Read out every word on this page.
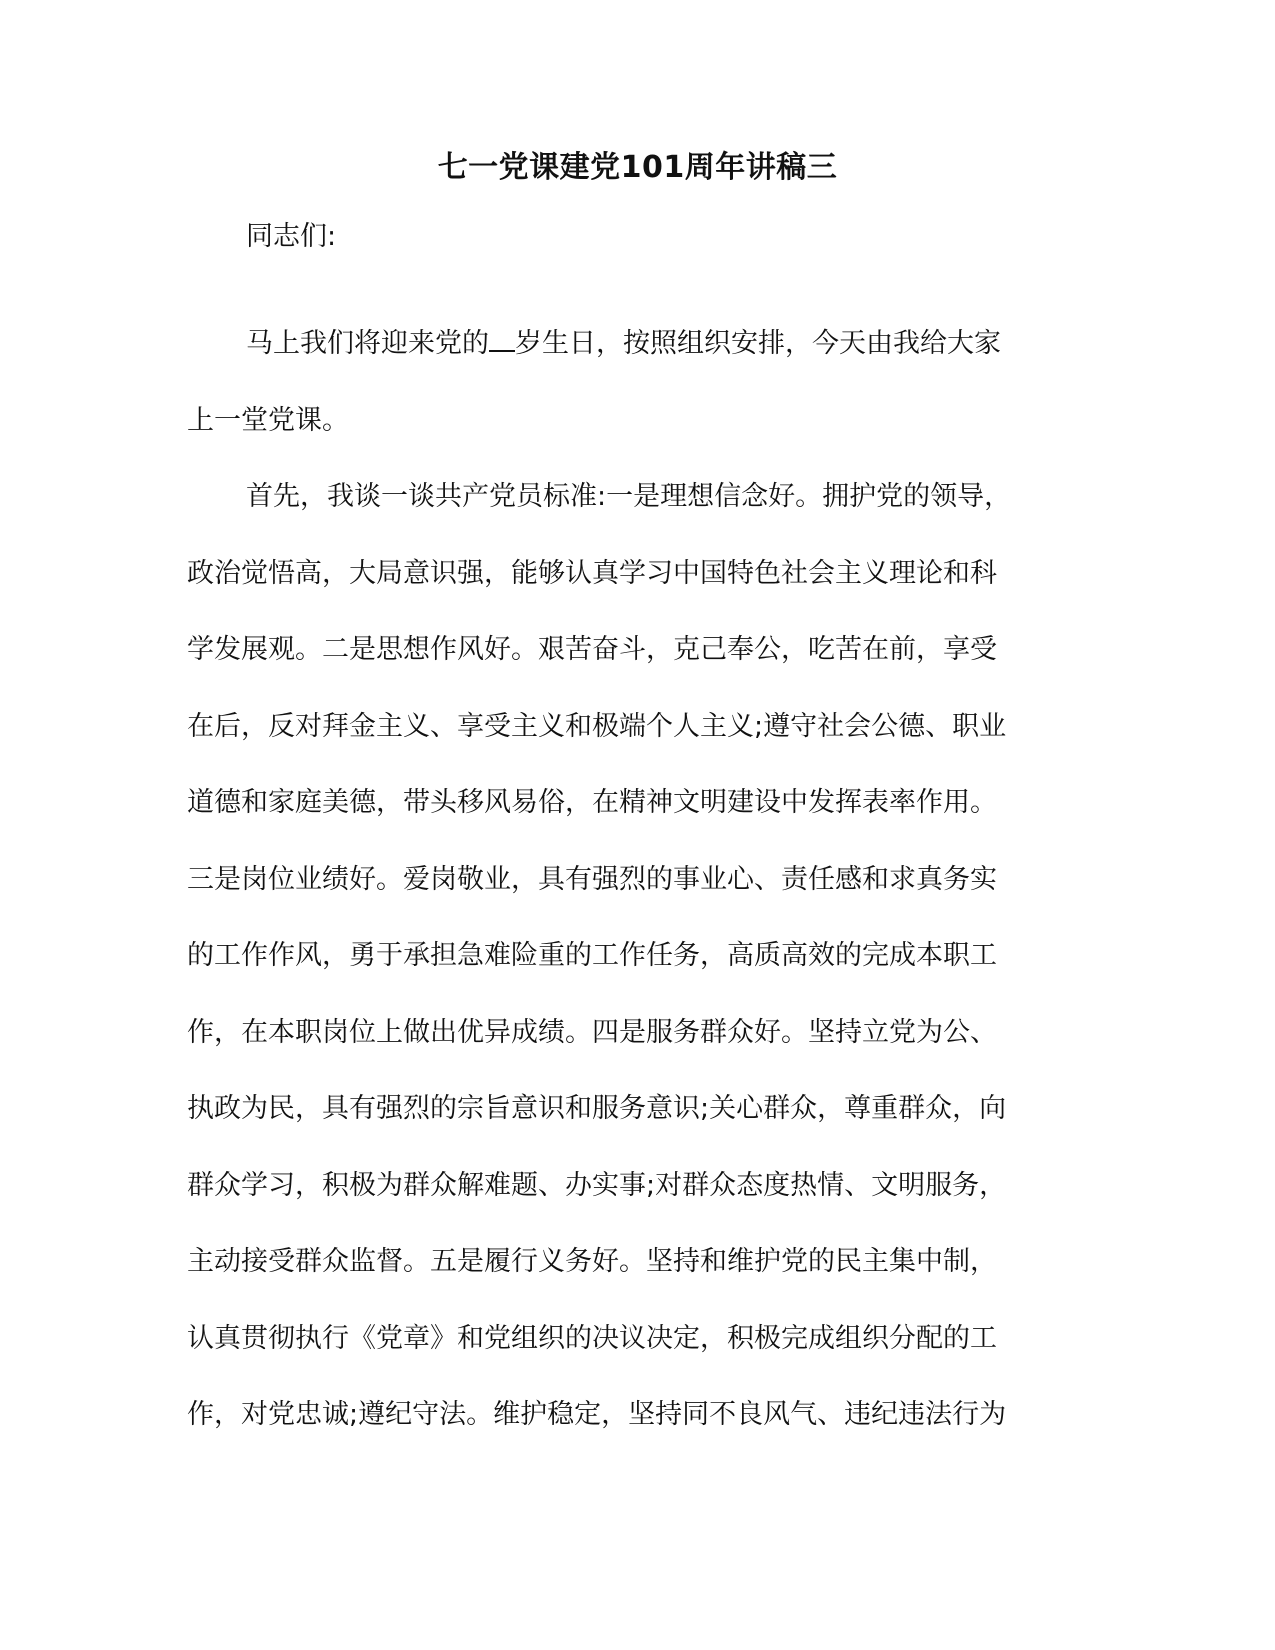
七一党课建党101周年讲稿三

同志们:

马上我们将迎来党的 岁生日，按照组织安排，今天由我给大家
上一堂党课。

首先，我谈一谈共产党员标准:一是理想信念好。拥护党的领导，
政治觉悟高，大局意识强，能够认真学习中国特色社会主义理论和科
学发展观。二是思想作风好。艰苦奋斗，克己奉公，吃苦在前，享受
在后，反对拜金主义、享受主义和极端个人主义;遵守社会公德、职业
道德和家庭美德，带头移风易俗，在精神文明建设中发挥表率作用。
三是岗位业绩好。爱岗敬业，具有强烈的事业心、责任感和求真务实
的工作作风，勇于承担急难险重的工作任务，高质高效的完成本职工
作，在本职岗位上做出优异成绩。四是服务群众好。坚持立党为公、
执政为民，具有强烈的宗旨意识和服务意识;关心群众，尊重群众，向
群众学习，积极为群众解难题、办实事;对群众态度热情、文明服务，
主动接受群众监督。五是履行义务好。坚持和维护党的民主集中制，
认真贯彻执行《党章》和党组织的决议决定，积极完成组织分配的工
作，对党忠诚;遵纪守法。维护稳定，坚持同不良风气、违纪违法行为
